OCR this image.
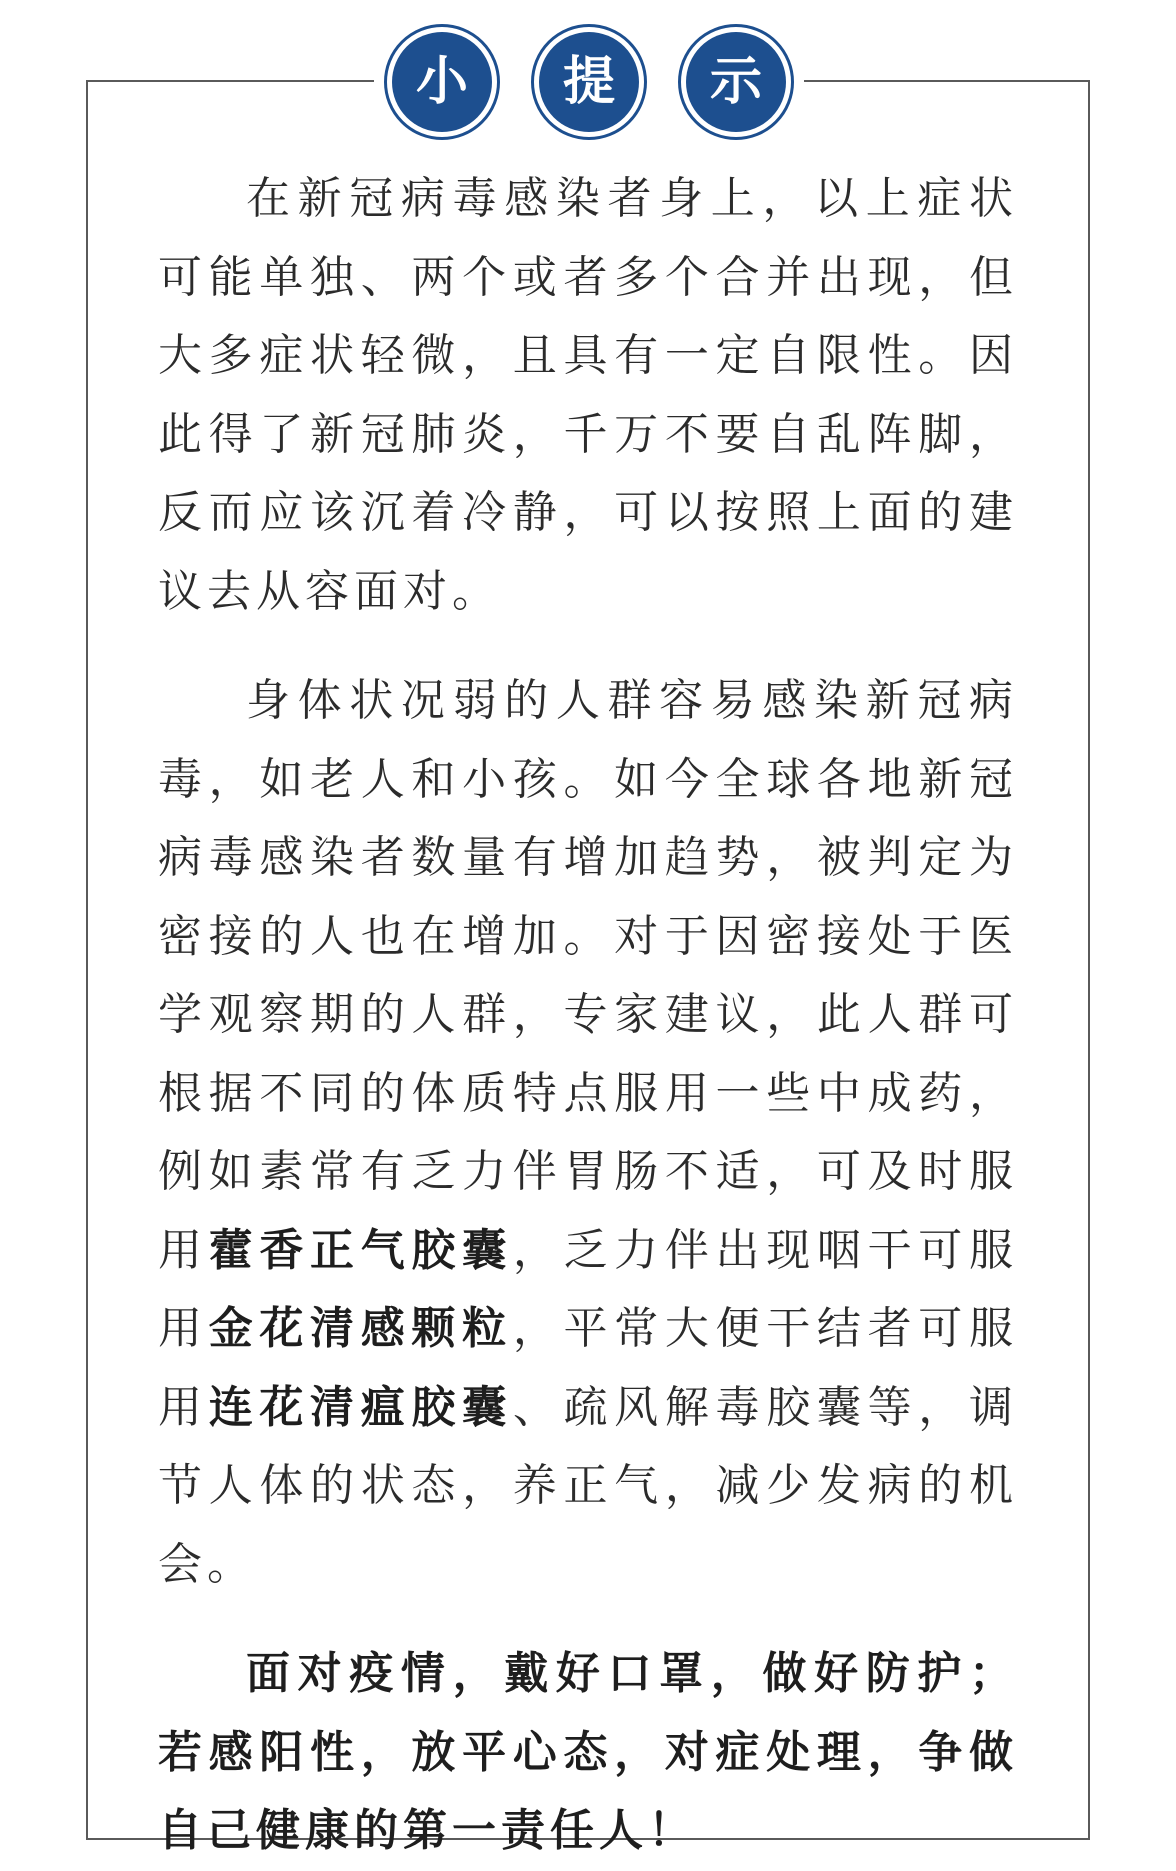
小	提	示

在新冠病毒感染者身上，以上症状可能单独、两个或者多个合并出现，但大多症状轻微，且具有一定自限性。因此得了新冠肺炎，千万不要自乱阵脚，反而应该沉着冷静，可以按照上面的建议去从容面对。

身体状况弱的人群容易感染新冠病毒，如老人和小孩。如今全球各地新冠病毒感染者数量有增加趋势，被判定为密接的人也在增加。对于因密接处于医学观察期的人群，专家建议，此人群可根据不同的体质特点服用一些中成药，例如素常有乏力伴胃肠不适，可及时服用藿香正气胶囊，乏力伴出现咽干可服用金花清感颗粒，平常大便干结者可服用连花清瘟胶囊、疏风解毒胶囊等，调节人体的状态，养正气，减少发病的机会。

面对疫情，戴好口罩，做好防护；若感阳性，放平心态，对症处理，争做自己健康的第一责任人！
